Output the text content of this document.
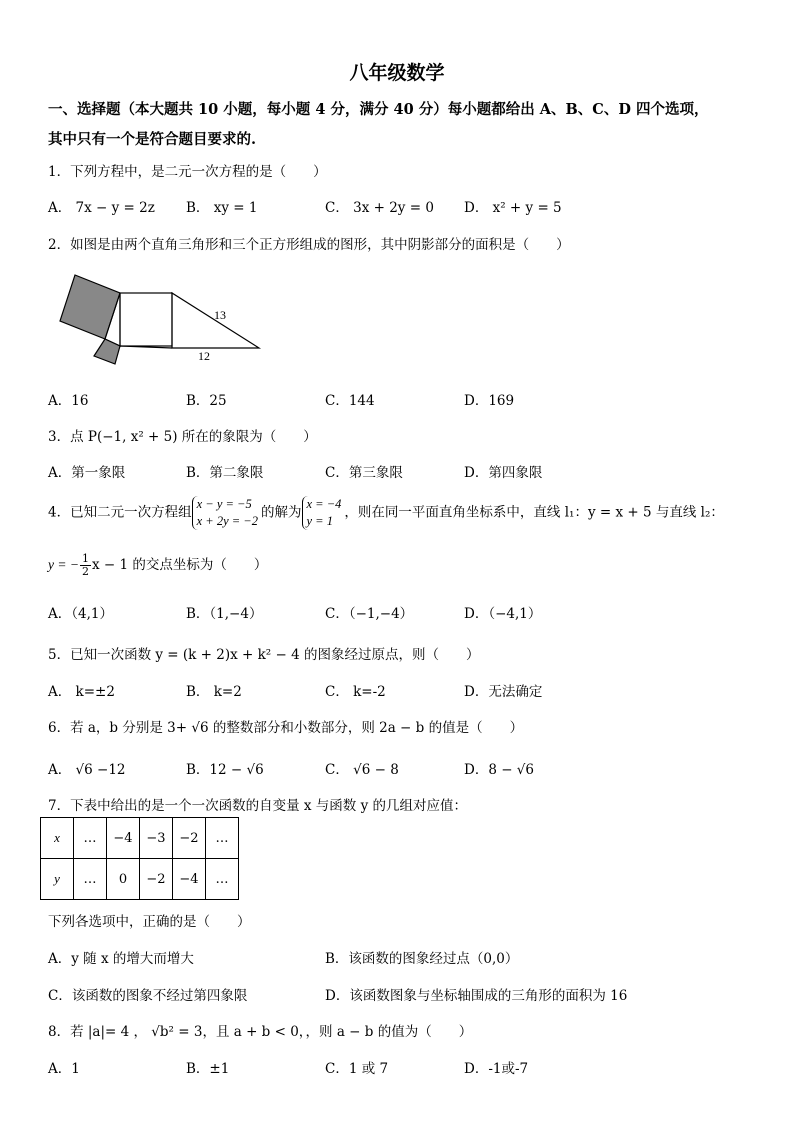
八年级数学
一、选择题（本大题共 10 小题，每小题 4 分，满分 40 分）每小题都给出 A、B、C、D 四个选项，
其中只有一个是符合题目要求的.
1．下列方程中，是二元一次方程的是（　　）
A． 7x − y = 2z B． xy = 1	C． 3x + 2y = 0 D． x² + y = 5
2．如图是由两个直角三角形和三个正方形组成的图形，其中阴影部分的面积是（　　）
13
12
A．16	B．25	C．144	D．169
3．点 P(−1, x² + 5) 所在的象限为（　　）
A．第一象限	B．第二象限	C．第三象限	D．第四象限
4．已知二元一次方程组
x − y = −5
x + 2y = −2
的解为
x = −4
y = 1
，则在同一平面直角坐标系中，直线 l₁：y = x + 5 与直线 l₂：
y = − $\frac{1}{2}$ x − 1 的交点坐标为（　　）
A．（4,1）	B．（1,−4）	C．（−1,−4）	D．（−4,1）
5．已知一次函数 y = (k + 2)x + k² − 4 的图象经过原点，则（　　）
A． k=±2	B． k=2	C． k=-2	D．无法确定
6．若 a，b 分别是 3+ √6 的整数部分和小数部分，则 2a − b 的值是（　　）
A． √6 −12	B．12 − √6	C． √6 − 8	D．8 − √6
7．下表中给出的是一个一次函数的自变量 x 与函数 y 的几组对应值：
x	…	−4	−3	−2	…
y	…	0	−2	−4	…
下列各选项中，正确的是（　　）
A．y 随 x 的增大而增大	B．该函数的图象经过点（0,0）
C．该函数的图象不经过第四象限	D．该函数图象与坐标轴围成的三角形的面积为 16
8．若 |a|= 4 ， √b² = 3，且 a + b < 0，，则 a − b 的值为（　　）
A．1	B．±1	C．1 或 7	D．-1或-7
